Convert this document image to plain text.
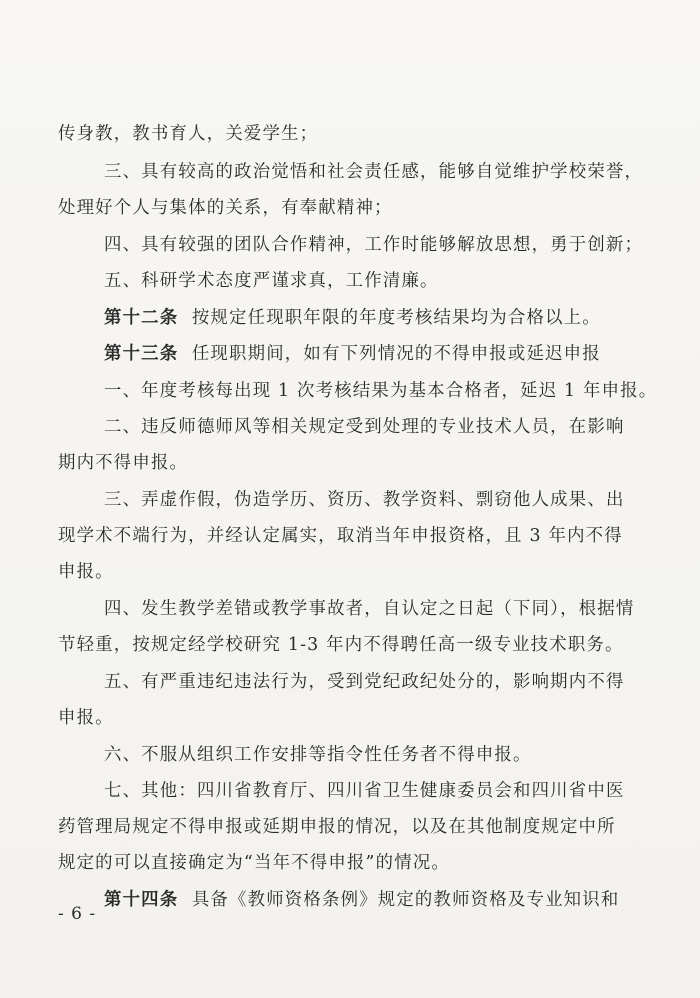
传身教，教书育人，关爱学生；
三、具有较高的政治觉悟和社会责任感，能够自觉维护学校荣誉，
处理好个人与集体的关系，有奉献精神；
四、具有较强的团队合作精神，工作时能够解放思想，勇于创新；
五、科研学术态度严谨求真，工作清廉。
第十二条 按规定任现职年限的年度考核结果均为合格以上。
第十三条 任现职期间，如有下列情况的不得申报或延迟申报
一、年度考核每出现 1 次考核结果为基本合格者，延迟 1 年申报。
二、违反师德师风等相关规定受到处理的专业技术人员，在影响
期内不得申报。
三、弄虚作假，伪造学历、资历、教学资料、剽窃他人成果、出
现学术不端行为，并经认定属实，取消当年申报资格，且 3 年内不得
申报。
四、发生教学差错或教学事故者，自认定之日起（下同），根据情
节轻重，按规定经学校研究 1-3 年内不得聘任高一级专业技术职务。
五、有严重违纪违法行为，受到党纪政纪处分的，影响期内不得
申报。
六、不服从组织工作安排等指令性任务者不得申报。
七、其他：四川省教育厅、四川省卫生健康委员会和四川省中医
药管理局规定不得申报或延期申报的情况，以及在其他制度规定中所
规定的可以直接确定为“当年不得申报”的情况。
第十四条 具备《教师资格条例》规定的教师资格及专业知识和
- 6 -
